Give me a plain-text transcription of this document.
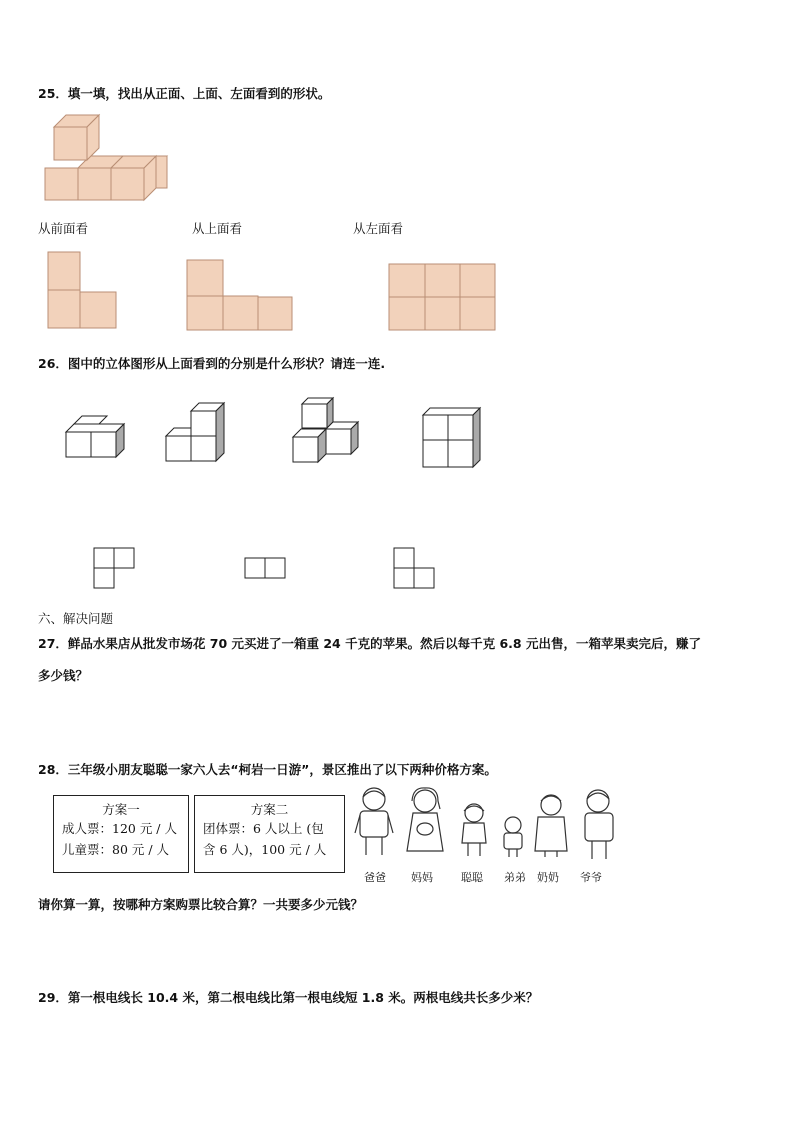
25．填一填，找出从正面、上面、左面看到的形状。
从前面看	从上面看	从左面看
26．图中的立体图形从上面看到的分别是什么形状？请连一连.
六、解决问题
27．鲜品水果店从批发市场花 70 元买进了一箱重 24 千克的苹果。然后以每千克 6.8 元出售，一箱苹果卖完后，赚了
多少钱？
28．三年级小朋友聪聪一家六人去“柯岩一日游”，景区推出了以下两种价格方案。
方案一
成人票：120 元 / 人
儿童票：80 元 / 人
方案二
团体票：6 人以上 (包
含 6 人)，100 元 / 人
爸爸 妈妈	聪聪 弟弟 奶奶 爷爷
请你算一算，按哪种方案购票比较合算？一共要多少元钱？
29．第一根电线长 10.4 米，第二根电线比第一根电线短 1.8 米。两根电线共长多少米？
